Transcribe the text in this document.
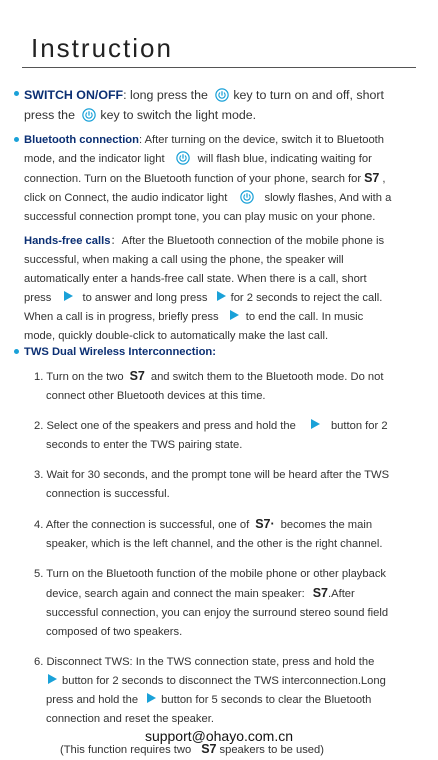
Instruction

SWITCH ON/OFF: long press the key to turn on and off, short
press the key to switch the light mode.

Bluetooth connection: After turning on the device, switch it to Bluetooth
mode, and the indicator light	will flash blue, indicating waiting for
connection. Turn on the Bluetooth function of your phone, search for S7 ,
click on Connect, the audio indicator light	slowly flashes, And with a
successful connection prompt tone, you can play music on your phone.

Hands-free calls：After the Bluetooth connection of the mobile phone is
successful, when making a call using the phone, the speaker will
automatically enter a hands-free call state. When there is a call, short
press	to answer and long press for 2 seconds to reject the call.
When a call is in progress, briefly press to end the call. In music
mode, quickly double-click to automatically make the last call.

TWS Dual Wireless Interconnection:

1. Turn on the two S7 and switch them to the Bluetooth mode. Do not
connect other Bluetooth devices at this time.
2. Select one of the speakers and press and hold the	button for 2
seconds to enter the TWS pairing state.
3. Wait for 30 seconds, and the prompt tone will be heard after the TWS
connection is successful.
4. After the connection is successful, one of S7· becomes the main
speaker, which is the left channel, and the other is the right channel.
5. Turn on the Bluetooth function of the mobile phone or other playback
device, search again and connect the main speaker: S7.After
successful connection, you can enjoy the surround stereo sound field
composed of two speakers.
6. Disconnect TWS: In the TWS connection state, press and hold the
button for 2 seconds to disconnect the TWS interconnection.Long
press and hold the button for 5 seconds to clear the Bluetooth
connection and reset the speaker.

(This function requires two S7 speakers to be used)

support@ohayo.com.cn
